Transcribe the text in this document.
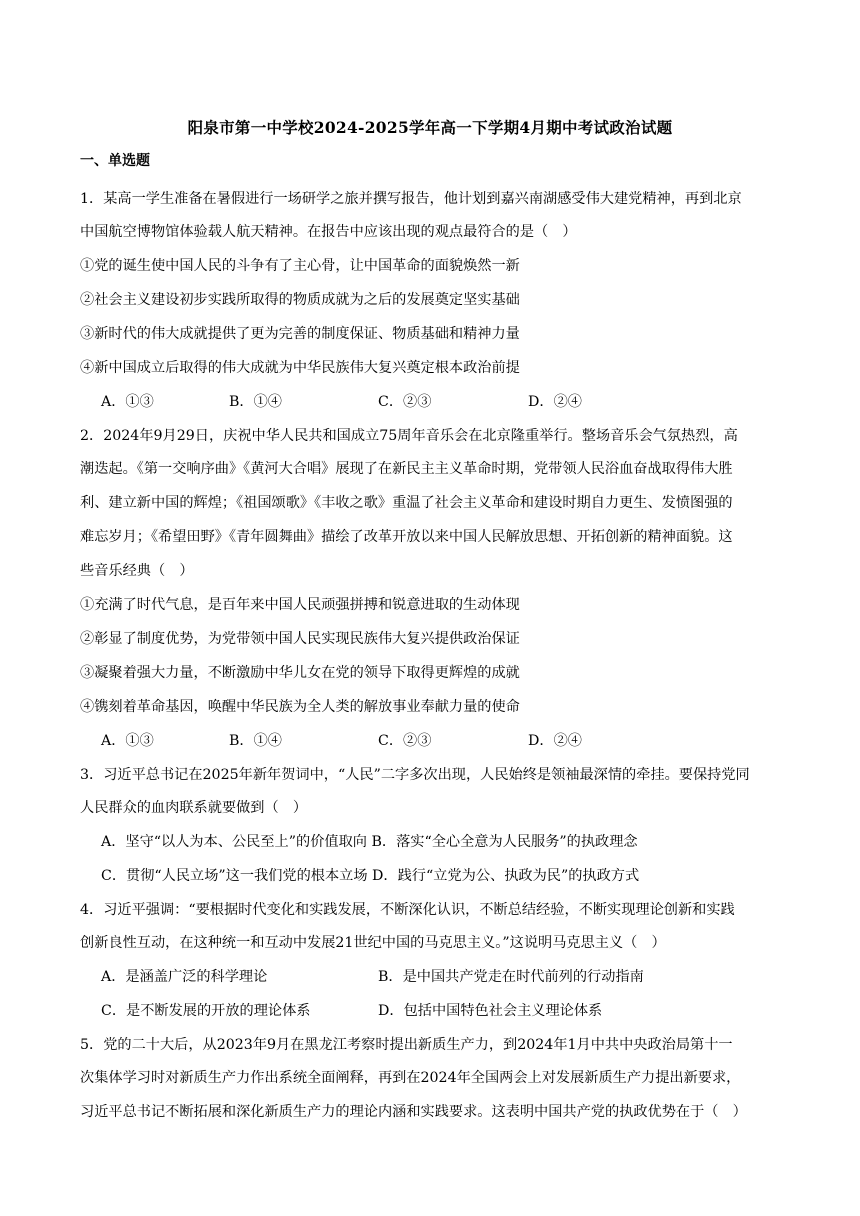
阳泉市第一中学校2024-2025学年高一下学期4月期中考试政治试题
一、单选题
1．某高一学生准备在暑假进行一场研学之旅并撰写报告，他计划到嘉兴南湖感受伟大建党精神，再到北京
中国航空博物馆体验载人航天精神。在报告中应该出现的观点最符合的是（　）
①党的诞生使中国人民的斗争有了主心骨，让中国革命的面貌焕然一新
②社会主义建设初步实践所取得的物质成就为之后的发展奠定坚实基础
③新时代的伟大成就提供了更为完善的制度保证、物质基础和精神力量
④新中国成立后取得的伟大成就为中华民族伟大复兴奠定根本政治前提
A．①③	B．①④	C．②③	D．②④
2．2024年9月29日，庆祝中华人民共和国成立75周年音乐会在北京隆重举行。整场音乐会气氛热烈，高
潮迭起。《第一交响序曲》《黄河大合唱》展现了在新民主主义革命时期，党带领人民浴血奋战取得伟大胜
利、建立新中国的辉煌；《祖国颂歌》《丰收之歌》重温了社会主义革命和建设时期自力更生、发愤图强的
难忘岁月；《希望田野》《青年圆舞曲》描绘了改革开放以来中国人民解放思想、开拓创新的精神面貌。这
些音乐经典（　）
①充满了时代气息，是百年来中国人民顽强拼搏和锐意进取的生动体现
②彰显了制度优势，为党带领中国人民实现民族伟大复兴提供政治保证
③凝聚着强大力量，不断激励中华儿女在党的领导下取得更辉煌的成就
④镌刻着革命基因，唤醒中华民族为全人类的解放事业奉献力量的使命
A．①③	B．①④	C．②③	D．②④
3．习近平总书记在2025年新年贺词中，“人民”二字多次出现，人民始终是领袖最深情的牵挂。要保持党同
人民群众的血肉联系就要做到（　）
A．坚守“以人为本、公民至上”的价值取向 B．落实“全心全意为人民服务”的执政理念
C．贯彻“人民立场”这一我们党的根本立场 D．践行“立党为公、执政为民”的执政方式
4．习近平强调：“要根据时代变化和实践发展，不断深化认识，不断总结经验，不断实现理论创新和实践
创新良性互动，在这种统一和互动中发展21世纪中国的马克思主义。”这说明马克思主义（　）
A．是涵盖广泛的科学理论	B．是中国共产党走在时代前列的行动指南
C．是不断发展的开放的理论体系	D．包括中国特色社会主义理论体系
5．党的二十大后，从2023年9月在黑龙江考察时提出新质生产力，到2024年1月中共中央政治局第十一
次集体学习时对新质生产力作出系统全面阐释，再到在2024年全国两会上对发展新质生产力提出新要求，
习近平总书记不断拓展和深化新质生产力的理论内涵和实践要求。这表明中国共产党的执政优势在于（　）
